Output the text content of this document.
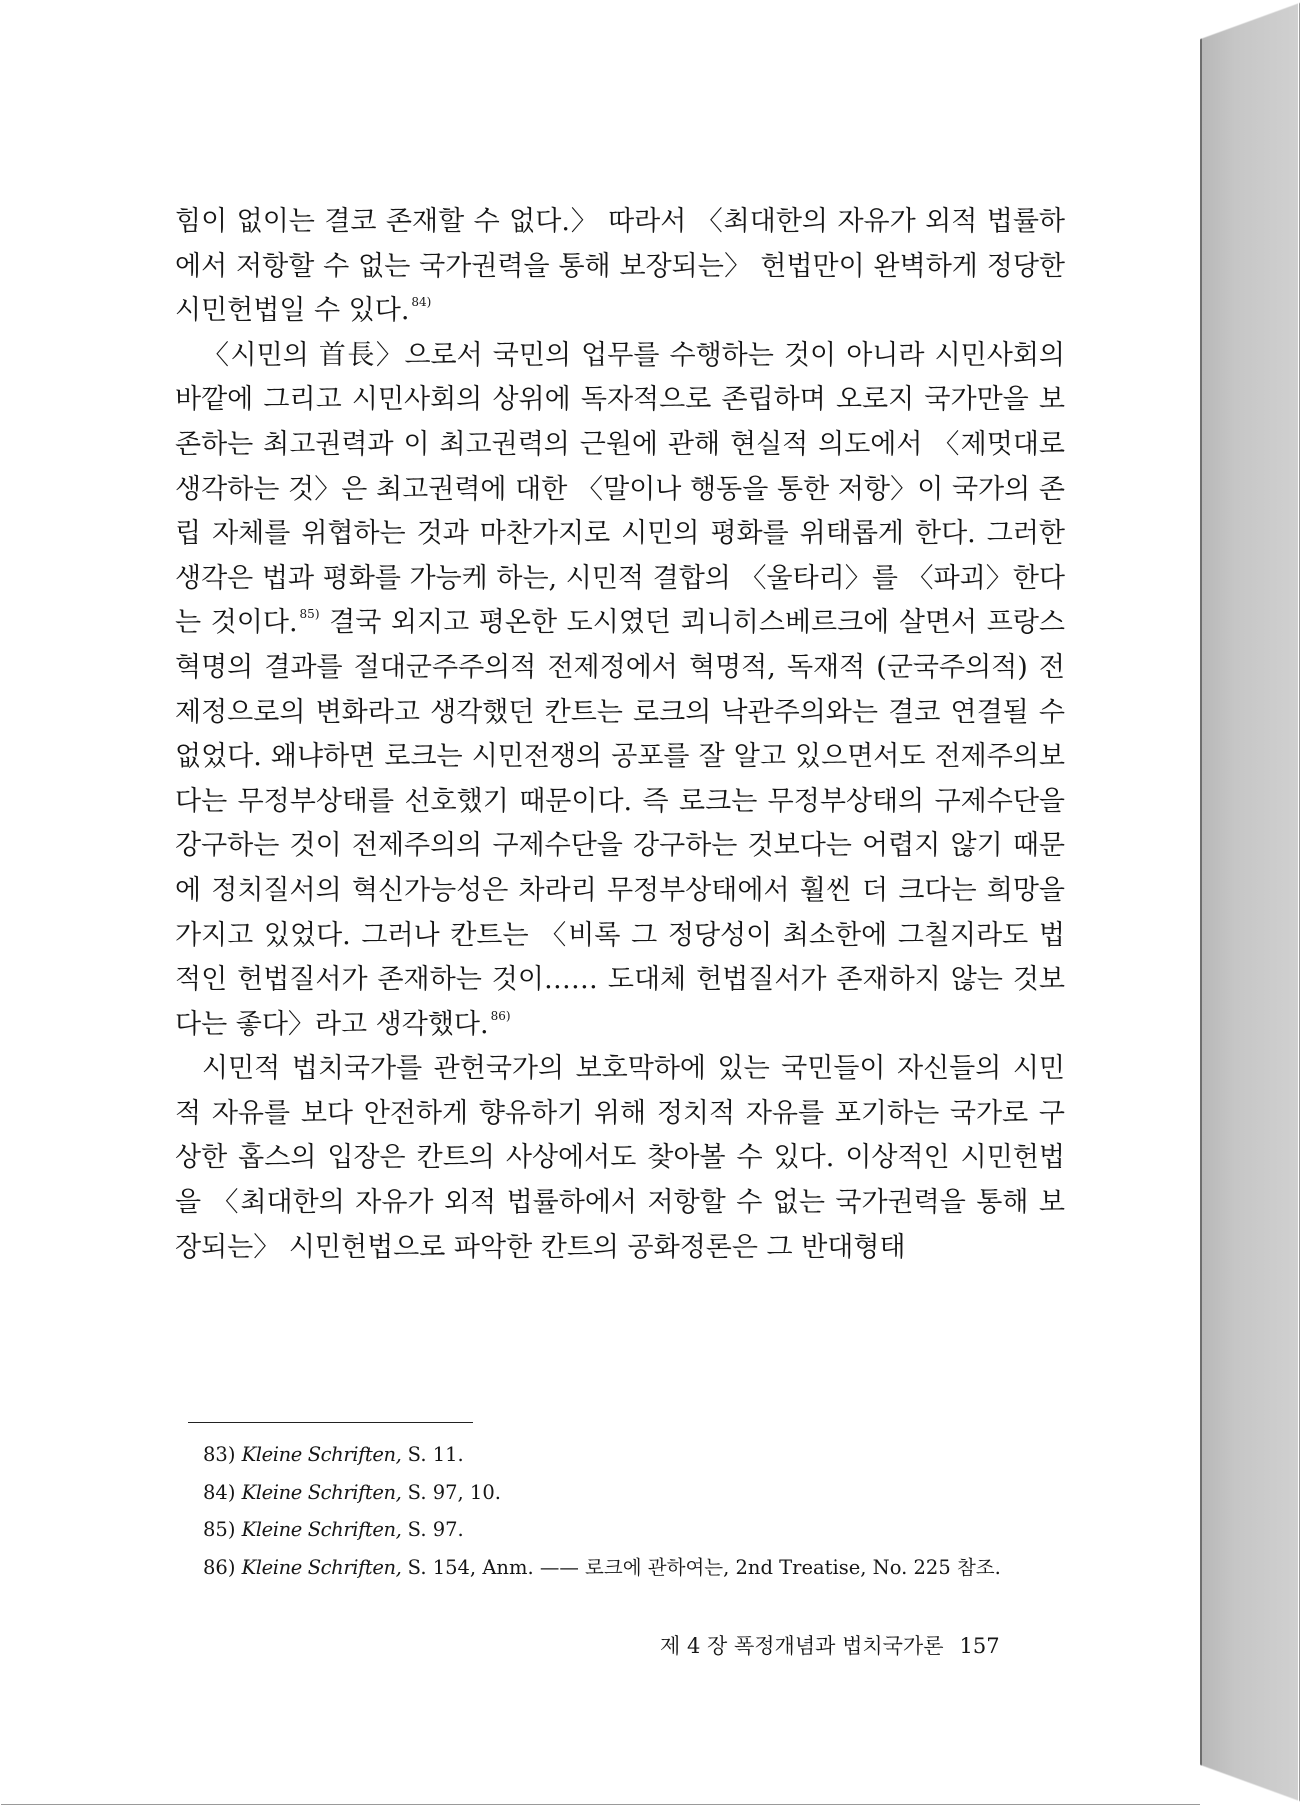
힘이 없이는 결코 존재할 수 없다.〉 따라서 〈최대한의 자유가 외적 법률하에서 저항할 수 없는 국가권력을 통해 보장되는〉 헌법만이 완벽하게 정당한 시민헌법일 수 있다. $^{84)}$

〈시민의 首長〉으로서 국민의 업무를 수행하는 것이 아니라 시민사회의 바깥에 그리고 시민사회의 상위에 독자적으로 존립하며 오로지 국가만을 보존하는 최고권력과 이 최고권력의 근원에 관해 현실적 의도에서 〈제멋대로 생각하는 것〉은 최고권력에 대한 〈말이나 행동을 통한 저항〉이 국가의 존립 자체를 위협하는 것과 마찬가지로 시민의 평화를 위태롭게 한다. 그러한 생각은 법과 평화를 가능케 하는, 시민적 결합의 〈울타리〉를 〈파괴〉한다는 것이다. $^{85)}$ 결국 외지고 평온한 도시였던 쾨니히스베르크에 살면서 프랑스혁명의 결과를 절대군주주의적 전제정에서 혁명적, 독재적 (군국주의적) 전제정으로의 변화라고 생각했던 칸트는 로크의 낙관주의와는 결코 연결될 수 없었다. 왜냐하면 로크는 시민전쟁의 공포를 잘 알고 있으면서도 전제주의보다는 무정부상태를 선호했기 때문이다. 즉 로크는 무정부상태의 구제수단을 강구하는 것이 전제주의의 구제수단을 강구하는 것보다는 어렵지 않기 때문에 정치질서의 혁신가능성은 차라리 무정부상태에서 훨씬 더 크다는 희망을 가지고 있었다. 그러나 칸트는 〈비록 그 정당성이 최소한에 그칠지라도 법적인 헌법질서가 존재하는 것이…… 도대체 헌법질서가 존재하지 않는 것보다는 좋다〉라고 생각했다. $^{86)}$

시민적 법치국가를 관헌국가의 보호막하에 있는 국민들이 자신들의 시민적 자유를 보다 안전하게 향유하기 위해 정치적 자유를 포기하는 국가로 구상한 홉스의 입장은 칸트의 사상에서도 찾아볼 수 있다. 이상적인 시민헌법을 〈최대한의 자유가 외적 법률하에서 저항할 수 없는 국가권력을 통해 보장되는〉 시민헌법으로 파악한 칸트의 공화정론은 그 반대형태

83) Kleine Schriften, S. 11.

84) Kleine Schriften, S. 97, 10.

85) Kleine Schriften, S. 97.

86) Kleine Schriften, S. 154, Anm. —— 로크에 관하여는, 2nd Treatise, No. 225 참조.

제 4 장 폭정개념과 법치국가론 157
